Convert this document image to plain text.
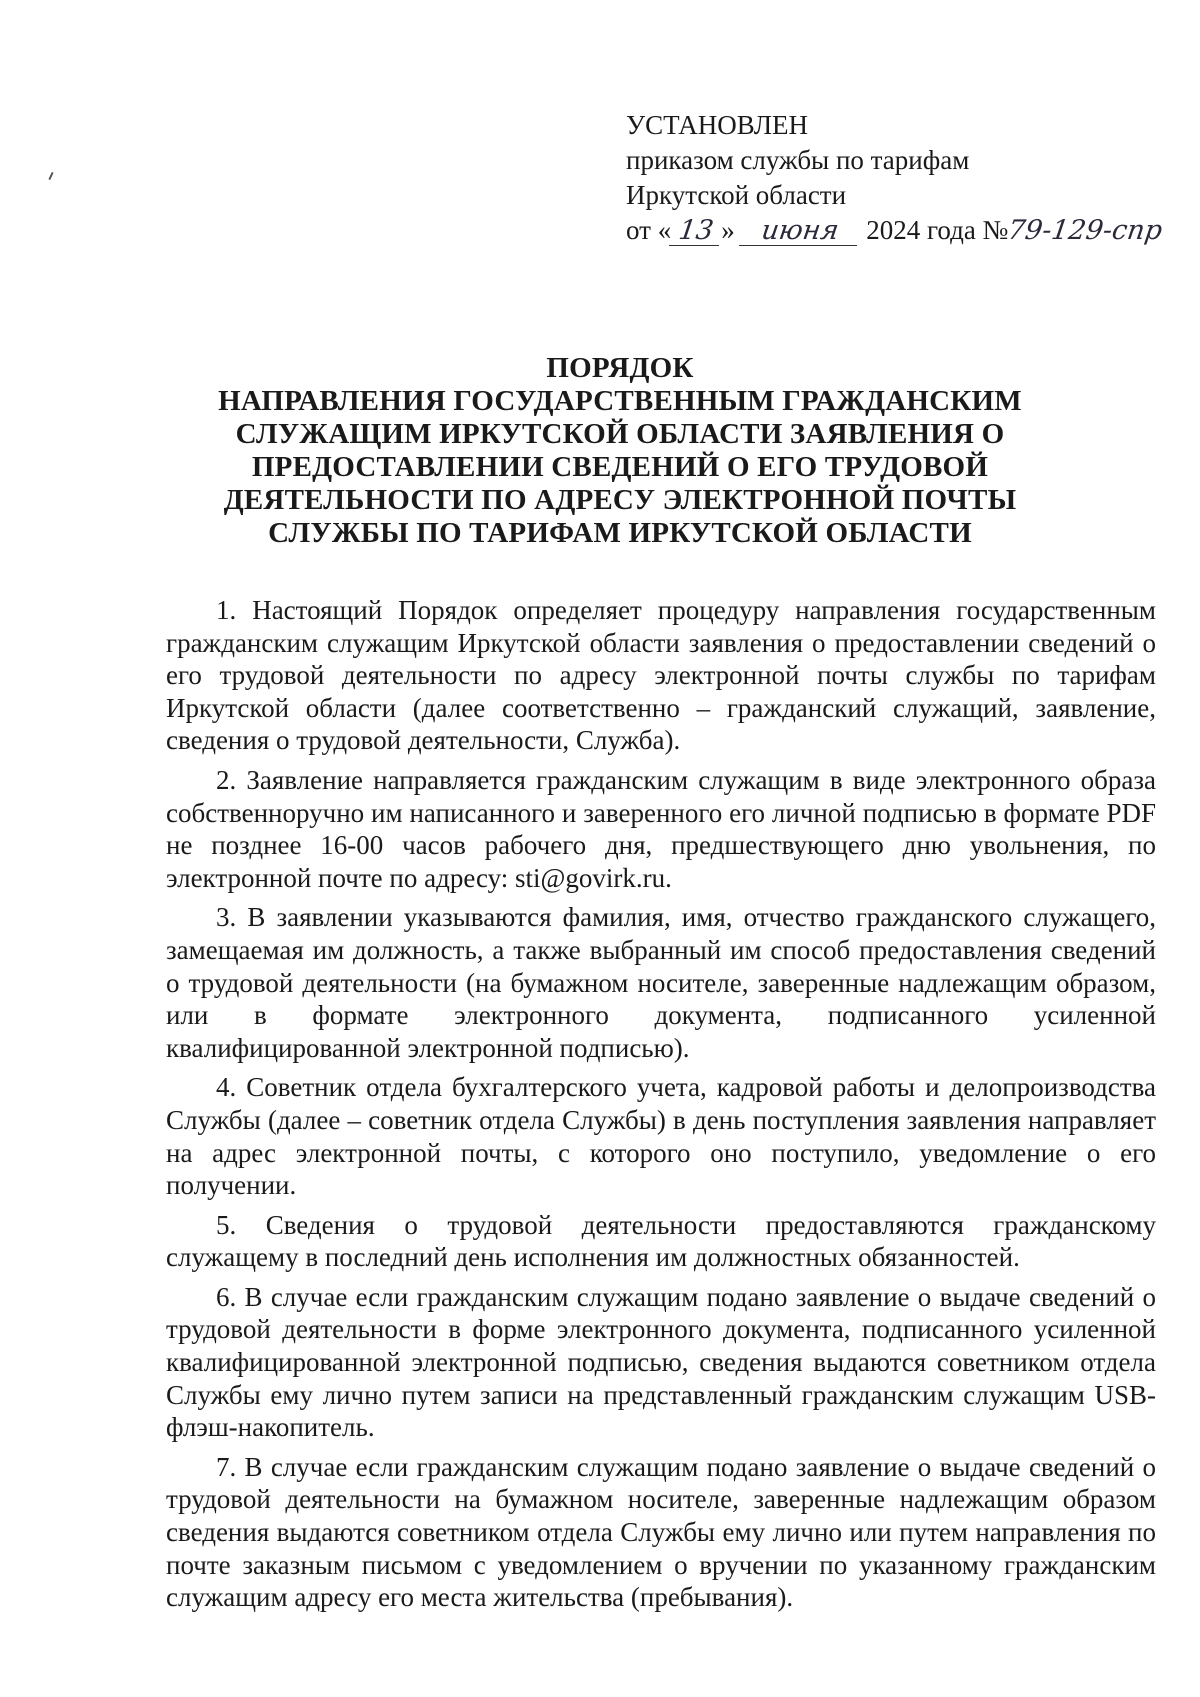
УСТАНОВЛЕН
приказом службы по тарифам
Иркутской области
от « 13 » июня 2024 года №79-129-спр
ПОРЯДОК
НАПРАВЛЕНИЯ ГОСУДАРСТВЕННЫМ ГРАЖДАНСКИМ
СЛУЖАЩИМ ИРКУТСКОЙ ОБЛАСТИ ЗАЯВЛЕНИЯ О
ПРЕДОСТАВЛЕНИИ СВЕДЕНИЙ О ЕГО ТРУДОВОЙ
ДЕЯТЕЛЬНОСТИ ПО АДРЕСУ ЭЛЕКТРОННОЙ ПОЧТЫ
СЛУЖБЫ ПО ТАРИФАМ ИРКУТСКОЙ ОБЛАСТИ

1. Настоящий Порядок определяет процедуру направления государственным гражданским служащим Иркутской области заявления о предоставлении сведений о его трудовой деятельности по адресу электронной почты службы по тарифам Иркутской области (далее соответственно – гражданский служащий, заявление, сведения о трудовой деятельности, Служба).

2. Заявление направляется гражданским служащим в виде электронного образа собственноручно им написанного и заверенного его личной подписью в формате PDF не позднее 16-00 часов рабочего дня, предшествующего дню увольнения, по электронной почте по адресу: sti@govirk.ru.

3. В заявлении указываются фамилия, имя, отчество гражданского служащего, замещаемая им должность, а также выбранный им способ предоставления сведений о трудовой деятельности (на бумажном носителе, заверенные надлежащим образом, или в формате электронного документа, подписанного усиленной квалифицированной электронной подписью).

4. Советник отдела бухгалтерского учета, кадровой работы и делопроизводства Службы (далее – советник отдела Службы) в день поступления заявления направляет на адрес электронной почты, с которого оно поступило, уведомление о его получении.

5. Сведения о трудовой деятельности предоставляются гражданскому служащему в последний день исполнения им должностных обязанностей.

6. В случае если гражданским служащим подано заявление о выдаче сведений о трудовой деятельности в форме электронного документа, подписанного усиленной квалифицированной электронной подписью, сведения выдаются советником отдела Службы ему лично путем записи на представленный гражданским служащим USB-флэш-накопитель.

7. В случае если гражданским служащим подано заявление о выдаче сведений о трудовой деятельности на бумажном носителе, заверенные надлежащим образом сведения выдаются советником отдела Службы ему лично или путем направления по почте заказным письмом с уведомлением о вручении по указанному гражданским служащим адресу его места жительства (пребывания).
